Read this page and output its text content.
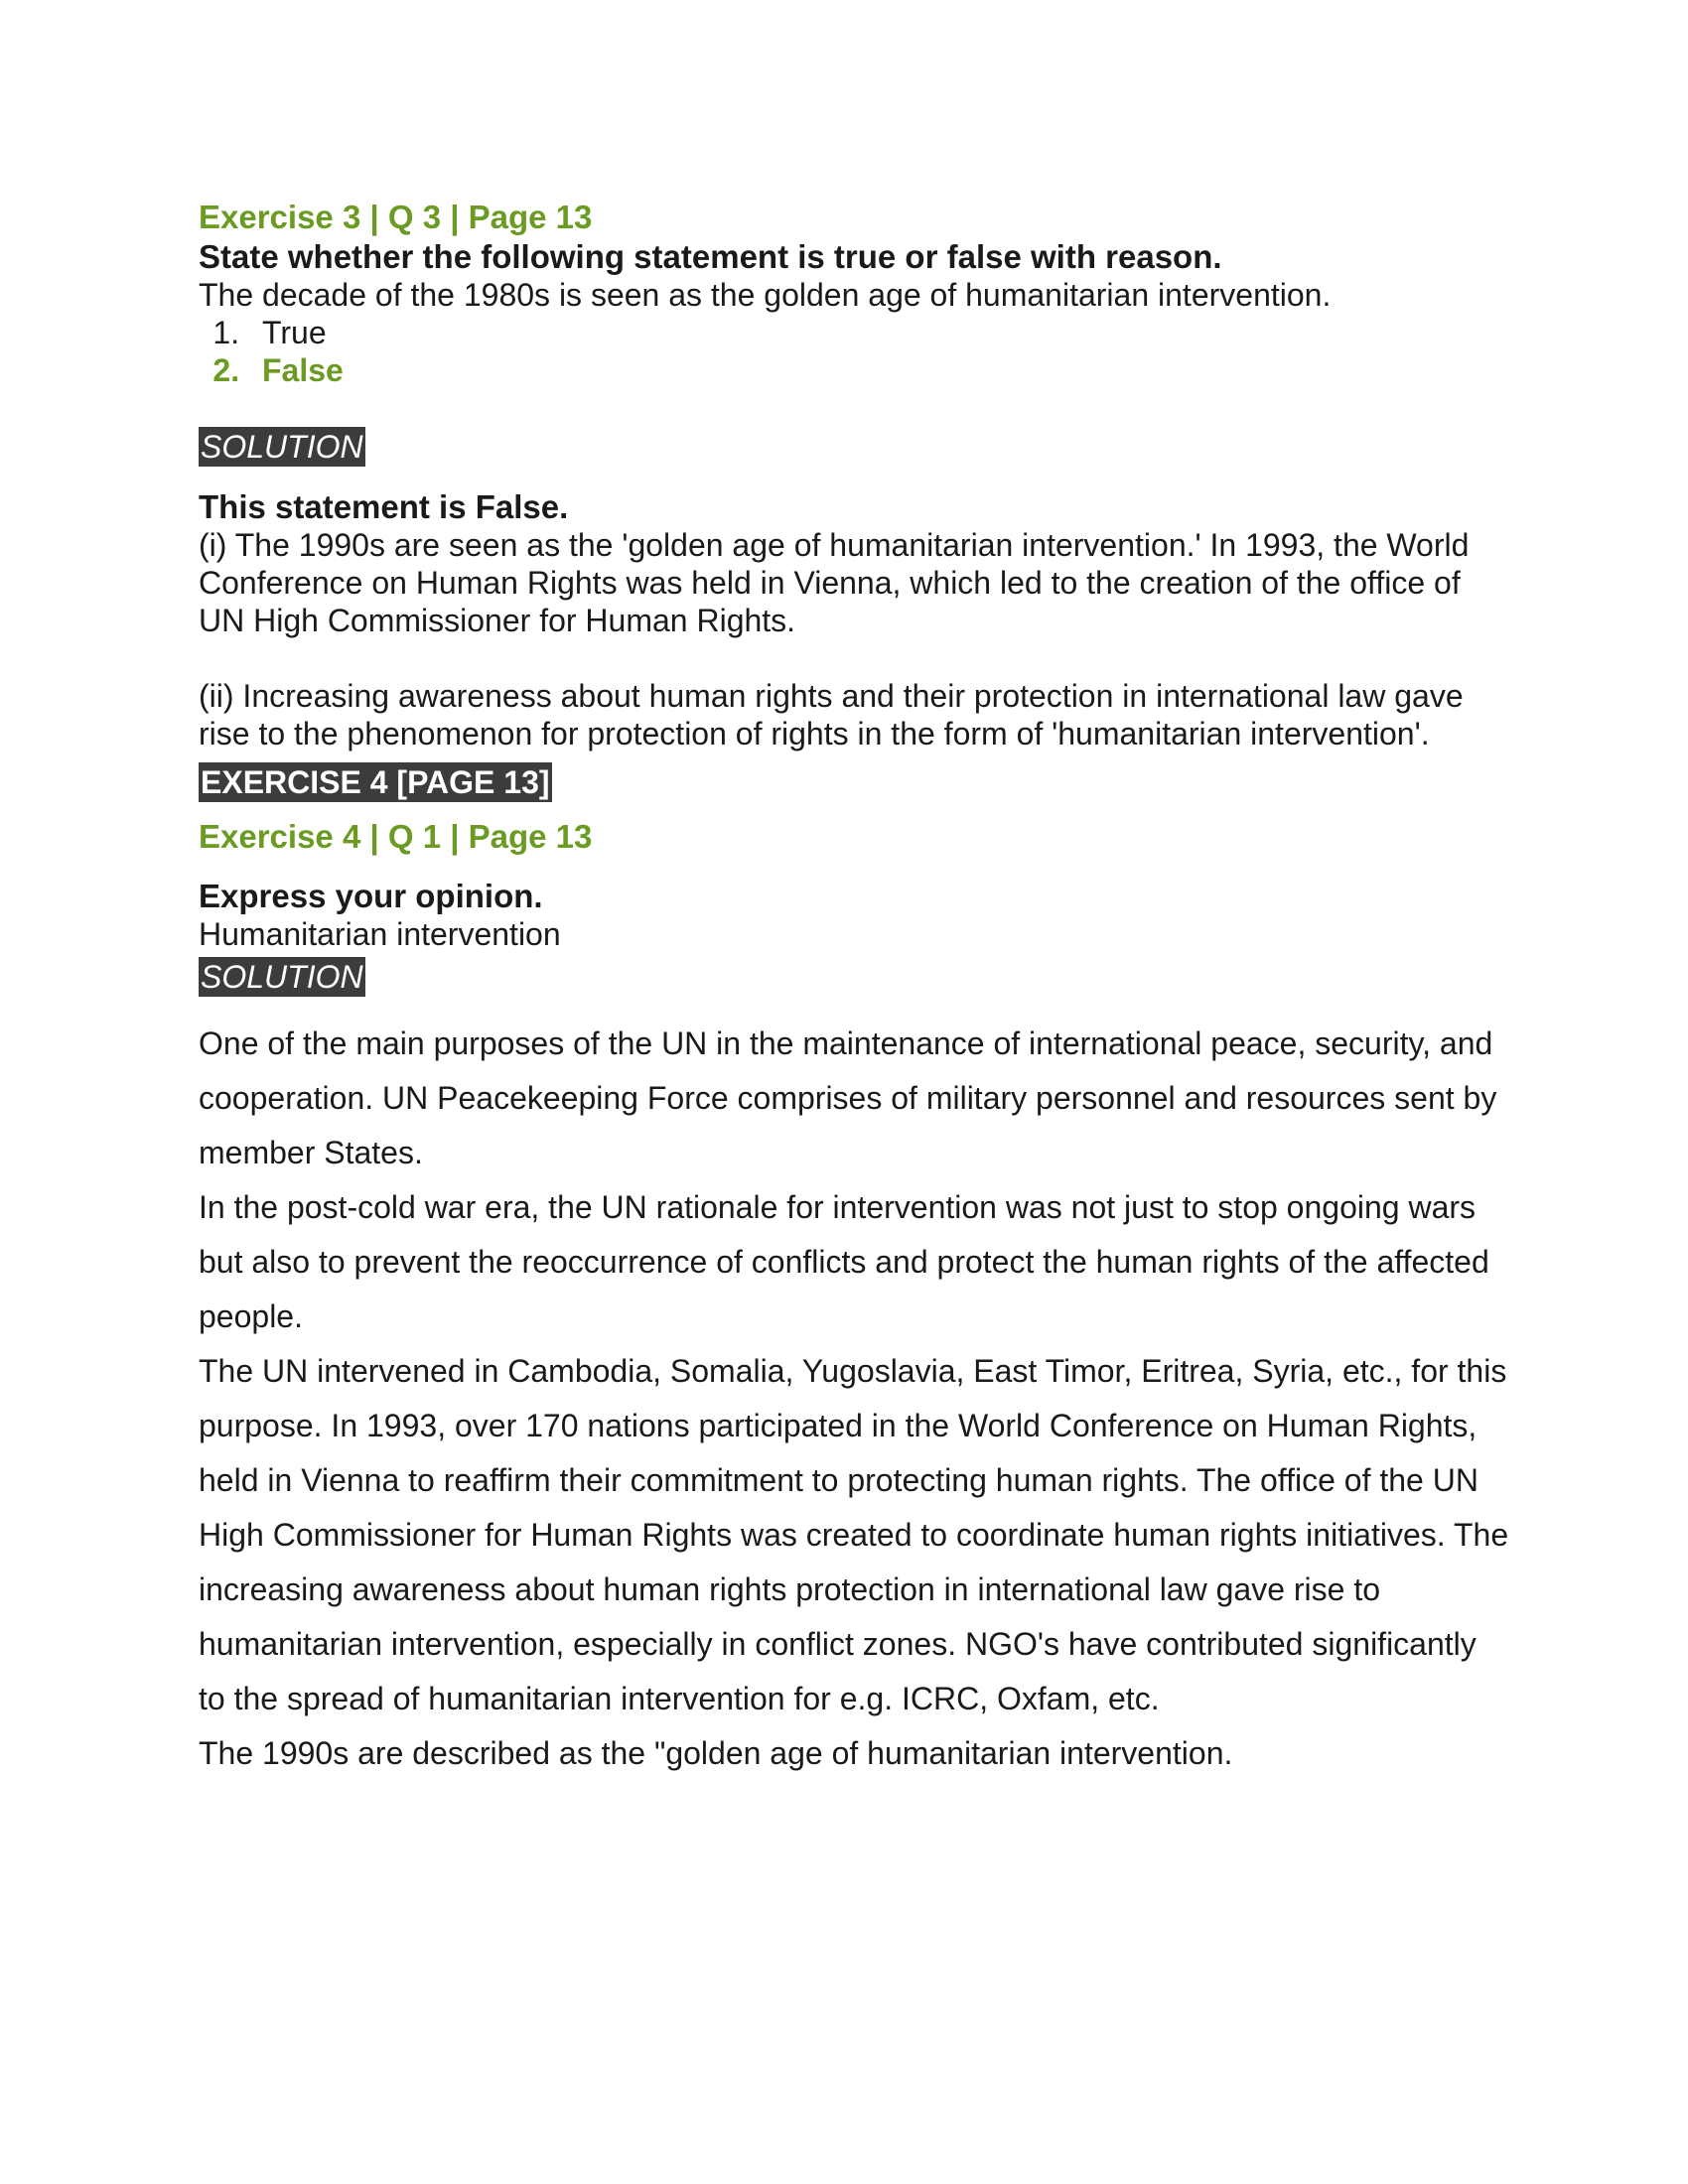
Exercise 3 | Q 3 | Page 13
State whether the following statement is true or false with reason.
The decade of the 1980s is seen as the golden age of humanitarian intervention.
1. True
2. False
SOLUTION
This statement is False.

(i) The 1990s are seen as the 'golden age of humanitarian intervention.' In 1993, the World Conference on Human Rights was held in Vienna, which led to the creation of the office of UN High Commissioner for Human Rights.

(ii) Increasing awareness about human rights and their protection in international law gave rise to the phenomenon for protection of rights in the form of 'humanitarian intervention'.

EXERCISE 4 [PAGE 13]
Exercise 4 | Q 1 | Page 13
Express your opinion.
Humanitarian intervention
SOLUTION

One of the main purposes of the UN in the maintenance of international peace, security, and cooperation. UN Peacekeeping Force comprises of military personnel and resources sent by member States.

In the post-cold war era, the UN rationale for intervention was not just to stop ongoing wars but also to prevent the reoccurrence of conflicts and protect the human rights of the affected people.

The UN intervened in Cambodia, Somalia, Yugoslavia, East Timor, Eritrea, Syria, etc., for this purpose. In 1993, over 170 nations participated in the World Conference on Human Rights, held in Vienna to reaffirm their commitment to protecting human rights. The office of the UN High Commissioner for Human Rights was created to coordinate human rights initiatives. The increasing awareness about human rights protection in international law gave rise to humanitarian intervention, especially in conflict zones. NGO's have contributed significantly to the spread of humanitarian intervention for e.g. ICRC, Oxfam, etc.

The 1990s are described as the "golden age of humanitarian intervention.
